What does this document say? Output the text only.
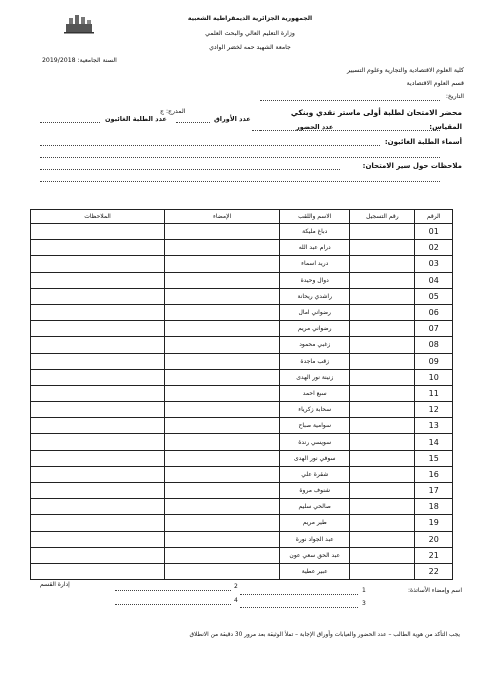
الجمهورية الجزائرية الديمقراطية الشعبية
وزارة التعليم العالي والبحث العلمي
جامعة الشهيد حمه لخضر الوادي
كلية العلوم الاقتصادية والتجارية وعلوم التسيير
قسم العلوم الاقتصادية
التاريخ:
السنة الجامعية: 2019/2018
محضر الامتحان لطلبة أولى ماستر نقدي وبنكي
المدرج: ج
المقياس:
عدد الحضور
عدد الأوراق
عدد الطلبة الغائبون
أسماء الطلبة الغائبون:
ملاحظات حول سير الامتحان:
الرقم	رقم التسجيل	الاسم واللقب	الإمضاء	الملاحظات
01		دباغ مليكة		
02		درام عبد الله		
03		دريد اسماء		
04		دوال وحيدة		
05		راشدي ريحانة		
06		رضواني امال		
07		رضواني مريم		
08		زغبي محمود		
09		زقب ماجدة		
10		زنينة نور الهدى		
11		سبع احمد		
12		سحابة زكرياء		
13		سوامية صباح		
14		سويسي رندة		
15		سوفي نور الهدى		
16		شقرة علي		
17		شنوف مروة		
18		صالحي سليم		
19		طير مريم		
20		عبد الجواد نورة		
21		عبد الحق سعي عون		
22		عبير عطية		
اسم وإمضاء الأساتذة:
1
2
3
4
إدارة القسم
يجب التأكد من هوية الطالب – عدد الحضور والغيابات وأوراق الإجابة – تملأ الوثيقة بعد مرور 30 دقيقة من الانطلاق
